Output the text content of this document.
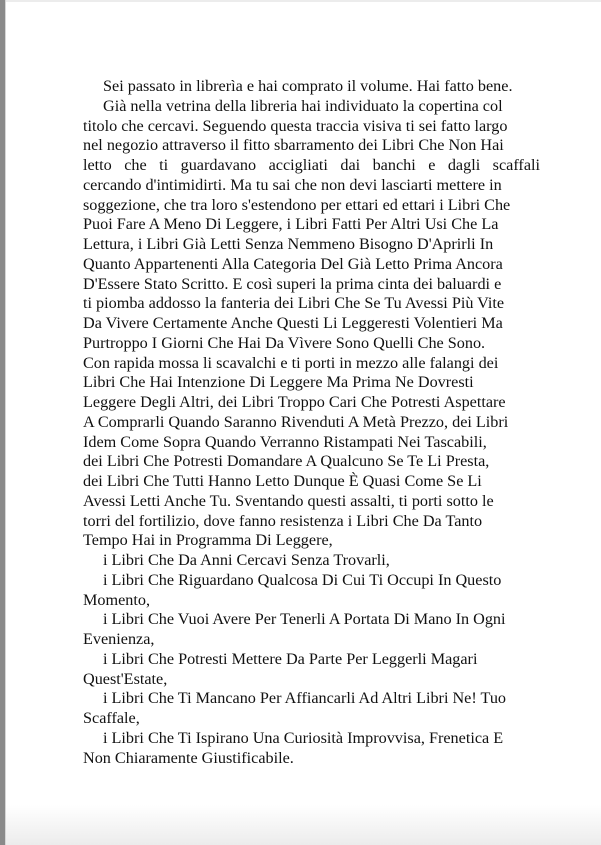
Sei passato in librerìa e hai comprato il volume. Hai fatto bene.
Già nella vetrina della libreria hai individuato la copertina col
titolo che cercavi. Seguendo questa traccia visiva ti sei fatto largo
nel negozio attraverso il fitto sbarramento dei Libri Che Non Hai
letto che ti guardavano accigliati dai banchi e dagli scaffali
cercando d'intimidirti. Ma tu sai che non devi lasciarti mettere in
soggezione, che tra loro s'estendono per ettari ed ettari i Libri Che
Puoi Fare A Meno Di Leggere, i Libri Fatti Per Altri Usi Che La
Lettura, i Libri Già Letti Senza Nemmeno Bisogno D'Aprirli In
Quanto Appartenenti Alla Categoria Del Già Letto Prima Ancora
D'Essere Stato Scritto. E così superi la prima cinta dei baluardi e
ti piomba addosso la fanteria dei Libri Che Se Tu Avessi Più Vite
Da Vivere Certamente Anche Questi Li Leggeresti Volentieri Ma
Purtroppo I Giorni Che Hai Da Vìvere Sono Quelli Che Sono.
Con rapida mossa li scavalchi e ti porti in mezzo alle falangi dei
Libri Che Hai Intenzione Di Leggere Ma Prima Ne Dovresti
Leggere Degli Altri, dei Libri Troppo Cari Che Potresti Aspettare
A Comprarli Quando Saranno Rivenduti A Metà Prezzo, dei Libri
Idem Come Sopra Quando Verranno Ristampati Nei Tascabili,
dei Libri Che Potresti Domandare A Qualcuno Se Te Li Presta,
dei Libri Che Tutti Hanno Letto Dunque È Quasi Come Se Li
Avessi Letti Anche Tu. Sventando questi assalti, ti porti sotto le
torri del fortilizio, dove fanno resistenza i Libri Che Da Tanto
Tempo Hai in Programma Di Leggere,
i Libri Che Da Anni Cercavi Senza Trovarli,
i Libri Che Riguardano Qualcosa Di Cui Ti Occupi In Questo
Momento,
i Libri Che Vuoi Avere Per Tenerli A Portata Di Mano In Ogni
Evenienza,
i Libri Che Potresti Mettere Da Parte Per Leggerli Magari
Quest'Estate,
i Libri Che Ti Mancano Per Affiancarli Ad Altri Libri Ne! Tuo
Scaffale,
i Libri Che Ti Ispirano Una Curiosità Improvvisa, Frenetica E
Non Chiaramente Giustificabile.
